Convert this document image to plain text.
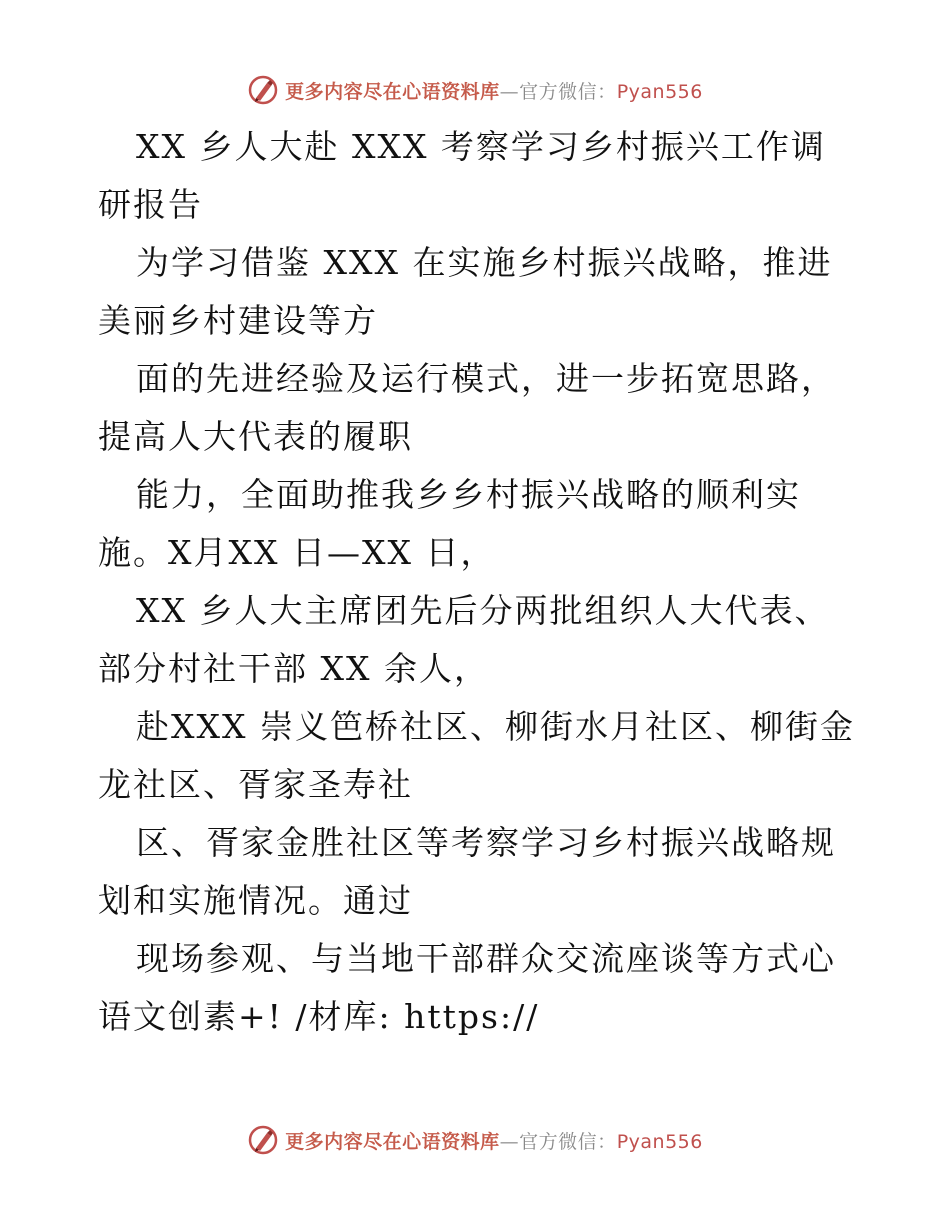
更多内容尽在心语资料库—官方微信：Pyan556

XX 乡人大赴 XXX 考察学习乡村振兴工作调研报告

为学习借鉴 XXX 在实施乡村振兴战略，推进美丽乡村建设等方

面的先进经验及运行模式，进一步拓宽思路，提高人大代表的履职

能力，全面助推我乡乡村振兴战略的顺利实施。X月XX 日—XX 日，

XX 乡人大主席团先后分两批组织人大代表、部分村社干部 XX 余人，

赴XXX 崇义笆桥社区、柳街水月社区、柳街金龙社区、胥家圣寿社

区、胥家金胜社区等考察学习乡村振兴战略规划和实施情况。通过

现场参观、与当地干部群众交流座谈等方式心语文创素+! /材库: https://

更多内容尽在心语资料库—官方微信：Pyan556
